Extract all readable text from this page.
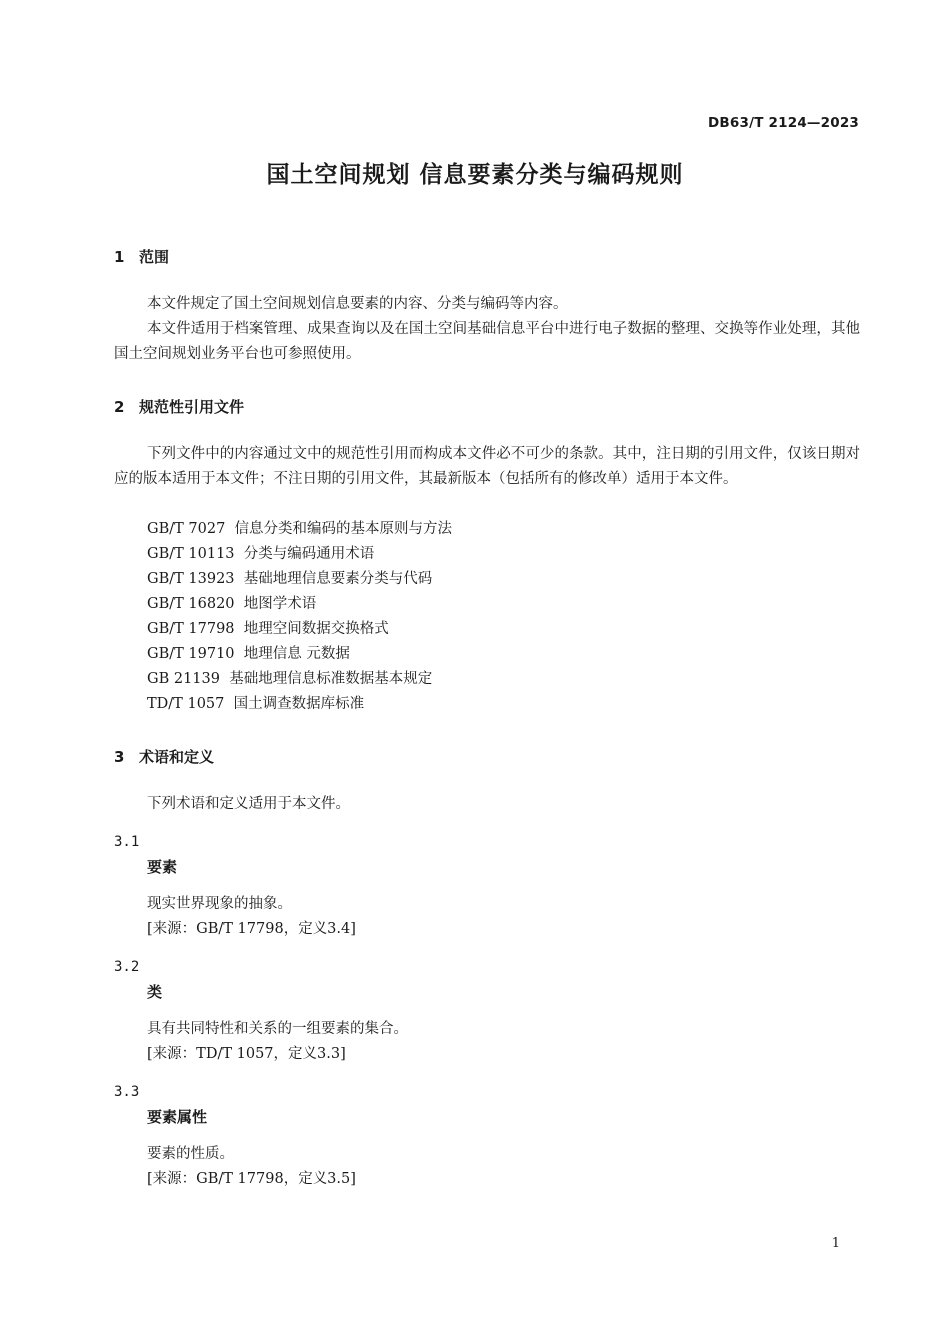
DB63/T 2124—2023
国土空间规划 信息要素分类与编码规则
1 范围
本文件规定了国土空间规划信息要素的内容、分类与编码等内容。
本文件适用于档案管理、成果查询以及在国土空间基础信息平台中进行电子数据的整理、交换等作业处理，其他国土空间规划业务平台也可参照使用。
2 规范性引用文件
下列文件中的内容通过文中的规范性引用而构成本文件必不可少的条款。其中，注日期的引用文件，仅该日期对应的版本适用于本文件；不注日期的引用文件，其最新版本（包括所有的修改单）适用于本文件。
GB/T 7027 信息分类和编码的基本原则与方法
GB/T 10113 分类与编码通用术语
GB/T 13923 基础地理信息要素分类与代码
GB/T 16820 地图学术语
GB/T 17798 地理空间数据交换格式
GB/T 19710 地理信息 元数据
GB 21139 基础地理信息标准数据基本规定
TD/T 1057 国土调查数据库标准
3 术语和定义
下列术语和定义适用于本文件。
3.1
要素
现实世界现象的抽象。
[来源：GB/T 17798，定义3.4]
3.2
类
具有共同特性和关系的一组要素的集合。
[来源：TD/T 1057，定义3.3]
3.3
要素属性
要素的性质。
[来源：GB/T 17798，定义3.5]
1
